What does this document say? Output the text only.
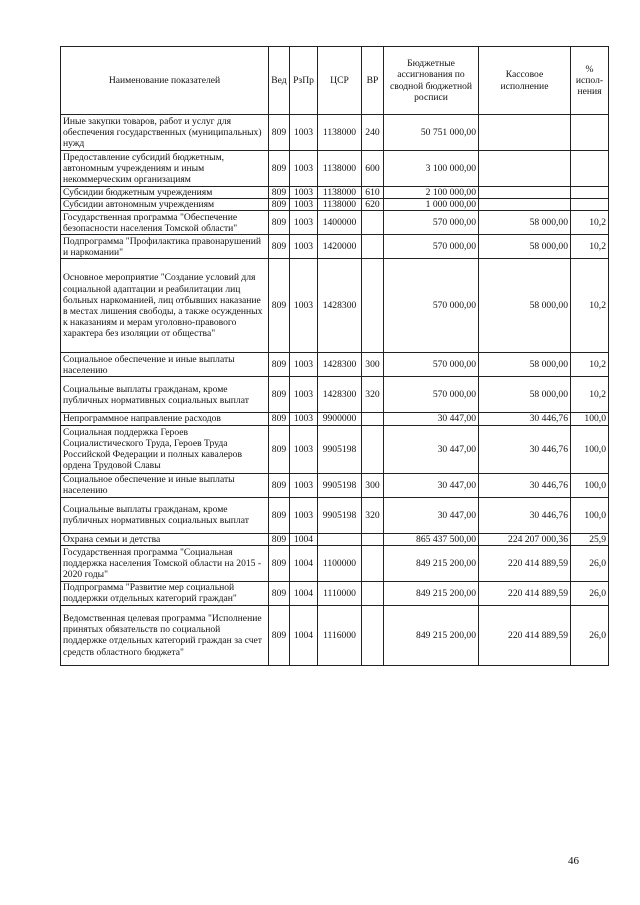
Наименование показателей	Вед	РзПр	ЦСР	ВР	Бюджетные ассигнования по сводной бюджетной росписи	Кассовое исполнение	% испол-нения
Иные закупки товаров, работ и услуг для обеспечения государственных (муниципальных) нужд	809	1003	1138000	240	50 751 000,00		
Предоставление субсидий бюджетным, автономным учреждениям и иным некоммерческим организациям	809	1003	1138000	600	3 100 000,00		
Субсидии бюджетным учреждениям	809	1003	1138000	610	2 100 000,00		
Субсидии автономным учреждениям	809	1003	1138000	620	1 000 000,00		
Государственная программа "Обеспечение безопасности населения Томской области"	809	1003	1400000		570 000,00	58 000,00	10,2
Подпрограмма "Профилактика правонарушений и наркомании"	809	1003	1420000		570 000,00	58 000,00	10,2
Основное мероприятие "Создание условий для социальной адаптации и реабилитации лиц больных наркоманией, лиц отбывших наказание в местах лишения свободы, а также осужденных к наказаниям и мерам уголовно-правового характера без изоляции от общества"	809	1003	1428300		570 000,00	58 000,00	10,2
Социальное обеспечение и иные выплаты населению	809	1003	1428300	300	570 000,00	58 000,00	10,2
Социальные выплаты гражданам, кроме публичных нормативных социальных выплат	809	1003	1428300	320	570 000,00	58 000,00	10,2
Непрограммное направление расходов	809	1003	9900000		30 447,00	30 446,76	100,0
Социальная поддержка Героев Социалистического Труда, Героев Труда Российской Федерации и полных кавалеров ордена Трудовой Славы	809	1003	9905198		30 447,00	30 446,76	100,0
Социальное обеспечение и иные выплаты населению	809	1003	9905198	300	30 447,00	30 446,76	100,0
Социальные выплаты гражданам, кроме публичных нормативных социальных выплат	809	1003	9905198	320	30 447,00	30 446,76	100,0
Охрана семьи и детства	809	1004			865 437 500,00	224 207 000,36	25,9
Государственная программа "Социальная поддержка населения Томской области на 2015 - 2020 годы"	809	1004	1100000		849 215 200,00	220 414 889,59	26,0
Подпрограмма "Развитие мер социальной поддержки отдельных категорий граждан"	809	1004	1110000		849 215 200,00	220 414 889,59	26,0
Ведомственная целевая программа "Исполнение принятых обязательств по социальной поддержке отдельных категорий граждан за счет средств областного бюджета"	809	1004	1116000		849 215 200,00	220 414 889,59	26,0
46
